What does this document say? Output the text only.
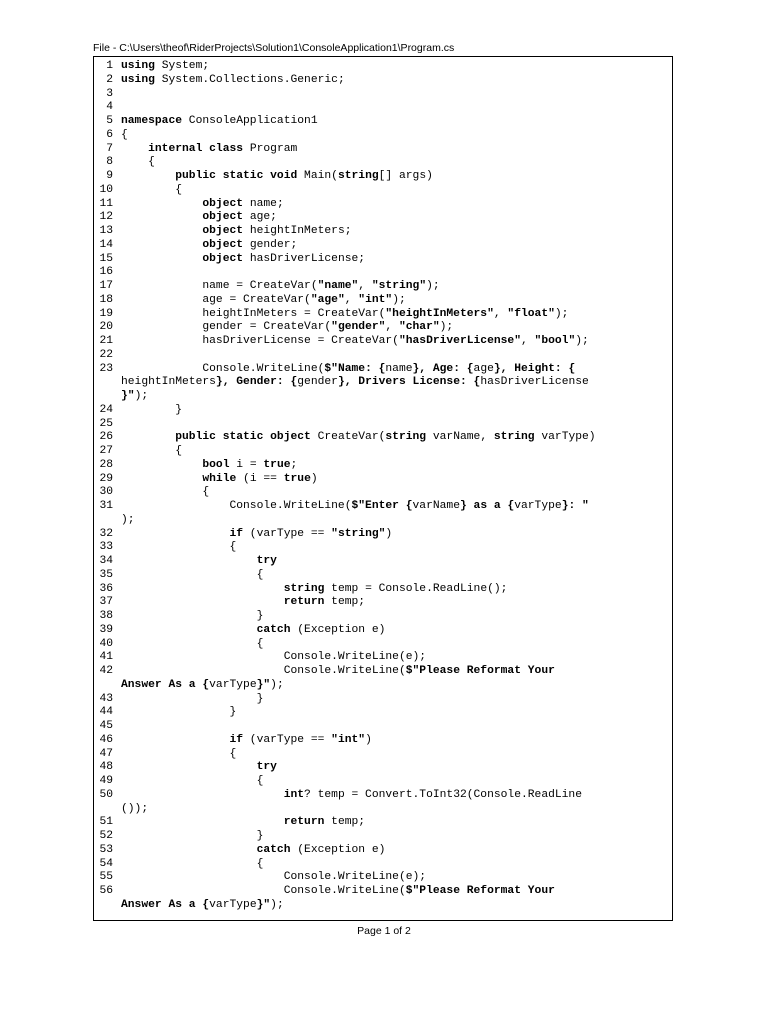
File - C:\Users\theof\RiderProjects\Solution1\ConsoleApplication1\Program.cs
1 using System;
2 using System.Collections.Generic;
3
4
5 namespace ConsoleApplication1
6 {
7	internal class Program
8 {
9	public static void Main(string[] args)
10 {
11	object name;
12	object age;
13	object heightInMeters;
14	object gender;
15	object hasDriverLicense;
16
17 name = CreateVar("name", "string");
18 age = CreateVar("age", "int");
19 heightInMeters = CreateVar("heightInMeters", "float");
20 gender = CreateVar("gender", "char");
21 hasDriverLicense = CreateVar("hasDriverLicense", "bool");
22
23 Console.WriteLine($"Name: {name}, Age: {age}, Height: {
heightInMeters}, Gender: {gender}, Drivers License: {hasDriverLicense
}");
24 }
25
26	public static object CreateVar(string varName, string varType)
27 {
28	bool i = true;
29	while (i == true)
30 {
31 Console.WriteLine($"Enter {varName} as a {varType}: "
);
32	if (varType == "string")
33 {
34	try
35 {
36	string temp = Console.ReadLine();
37	return temp;
38 }
39	catch (Exception e)
40 {
41 Console.WriteLine(e);
42 Console.WriteLine($"Please Reformat Your
Answer As a {varType}");
43 }
44 }
45
46	if (varType == "int")
47 {
48	try
49 {
50	int? temp = Convert.ToInt32(Console.ReadLine
());
51	return temp;
52 }
53	catch (Exception e)
54 {
55 Console.WriteLine(e);
56 Console.WriteLine($"Please Reformat Your
Answer As a {varType}");
Page 1 of 2
